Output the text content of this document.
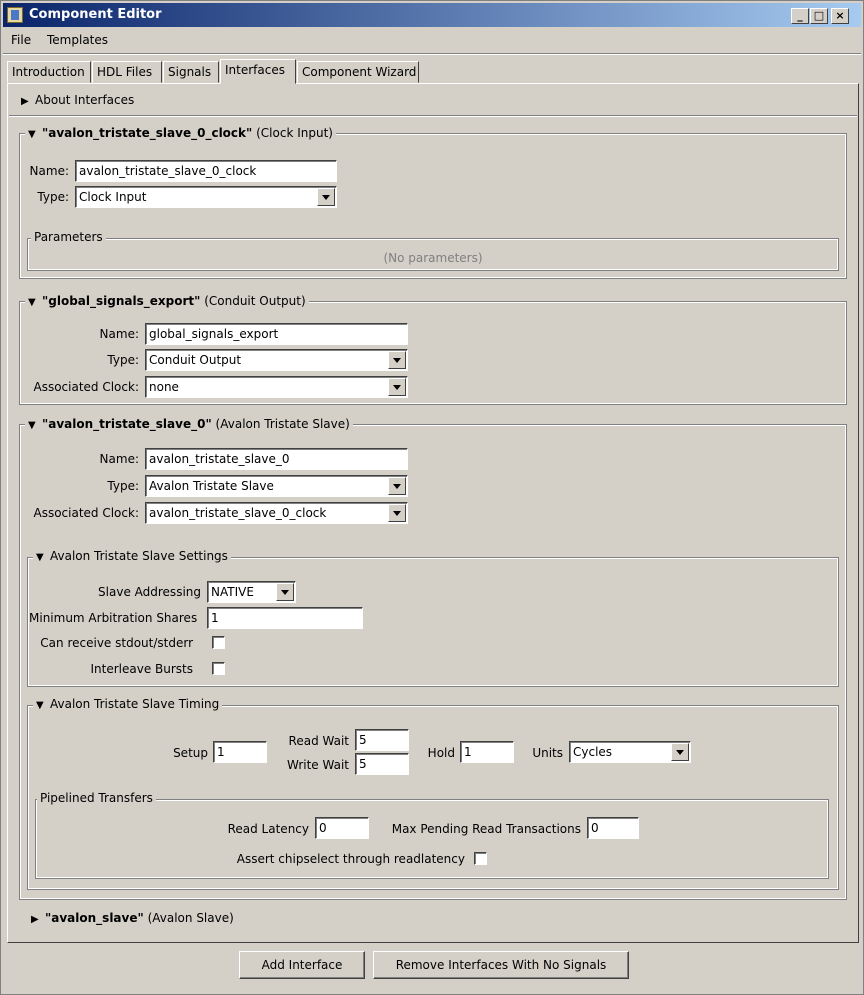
Component Editor	_	□	×
File Templates
Introduction	HDL Files	Signals	Interfaces	Component Wizard
▶ About Interfaces
▼ "avalon_tristate_slave_0_clock" (Clock Input)
Name: avalon_tristate_slave_0_clock
Type: Clock Input
Parameters
(No parameters)
▼ "global_signals_export" (Conduit Output)
Name: global_signals_export
Type: Conduit Output
Associated Clock: none
▼ "avalon_tristate_slave_0" (Avalon Tristate Slave)
Name: avalon_tristate_slave_0
Type: Avalon Tristate Slave
Associated Clock: avalon_tristate_slave_0_clock
▼ Avalon Tristate Slave Settings
Slave Addressing NATIVE
Minimum Arbitration Shares	1
Can receive stdout/stderr
Interleave Bursts
▼ Avalon Tristate Slave Timing
Setup 1
Read Wait 5
Write Wait 5
Hold 1	Units Cycles
Pipelined Transfers
Read Latency 0	Max Pending Read Transactions 0
Assert chipselect through readlatency
▶ "avalon_slave" (Avalon Slave)
Add Interface	Remove Interfaces With No Signals
